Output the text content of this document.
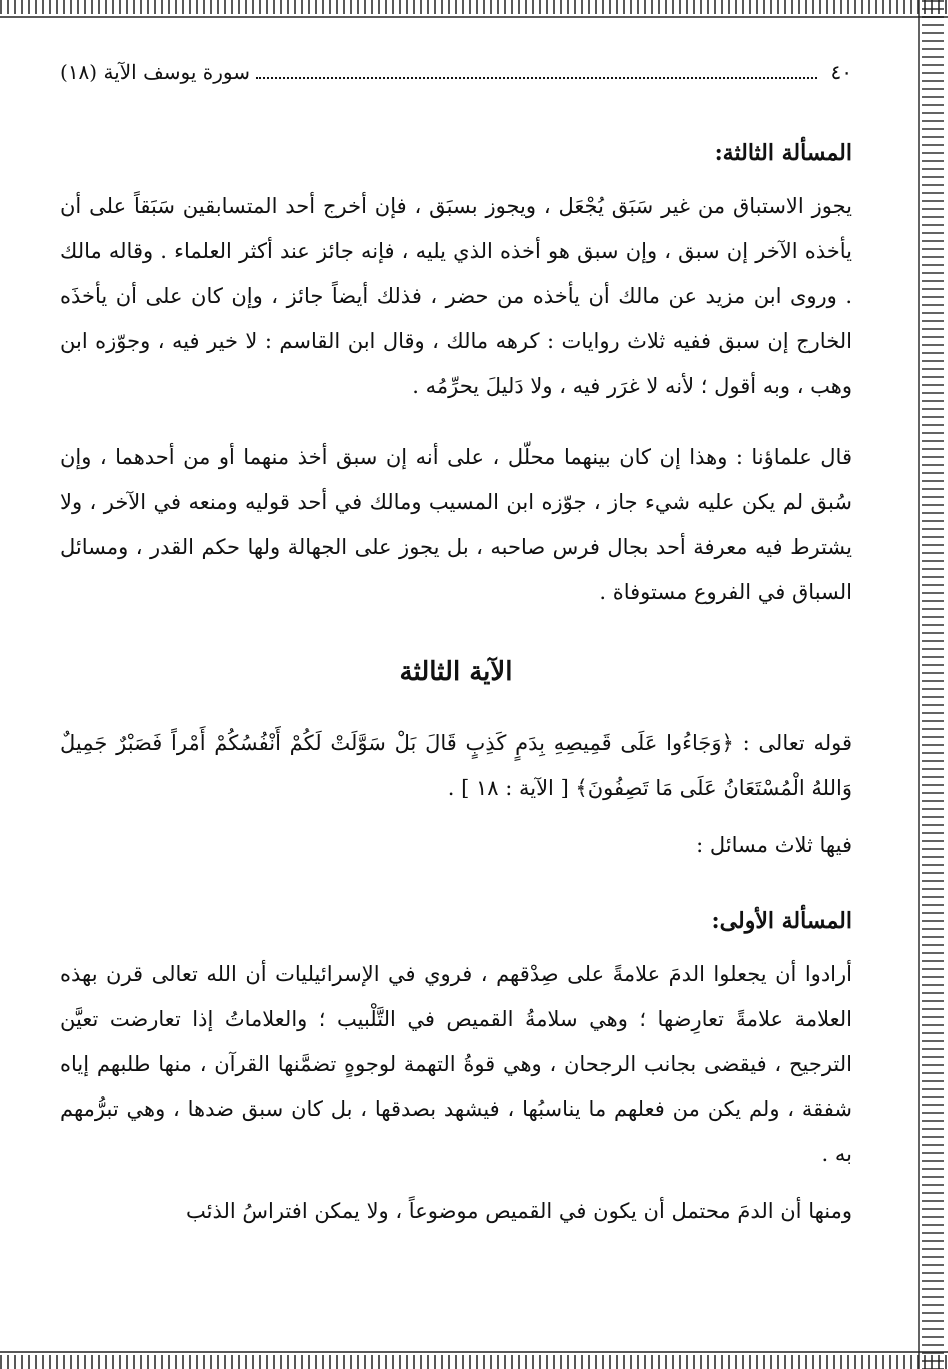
٤٠
سورة يوسف الآية (١٨)
المسألة الثالثة:

يجوز الاستباق من غير سَبَق يُجْعَل ، ويجوز بسبَق ، فإن أخرج أحد المتسابقين سَبَقاً على أن يأخذه الآخر إن سبق ، وإن سبق هو أخذه الذي يليه ، فإنه جائز عند أكثر العلماء . وقاله مالك . وروى ابن مزيد عن مالك أن يأخذه من حضر ، فذلك أيضاً جائز ، وإن كان على أن يأخذَه الخارج إن سبق ففيه ثلاث روايات : كرهه مالك ، وقال ابن القاسم : لا خير فيه ، وجوّزه ابن وهب ، وبه أقول ؛ لأنه لا غرَر فيه ، ولا دَليلَ يحرِّمُه .

قال علماؤنا : وهذا إن كان بينهما محلّل ، على أنه إن سبق أخذ منهما أو من أحدهما ، وإن سُبق لم يكن عليه شيء جاز ، جوّزه ابن المسيب ومالك في أحد قوليه ومنعه في الآخر ، ولا يشترط فيه معرفة أحد بجال فرس صاحبه ، بل يجوز على الجهالة ولها حكم القدر ، ومسائل السباق في الفروع مستوفاة .

الآية الثالثة

قوله تعالى : ﴿وَجَاءُوا عَلَى قَمِيصِهِ بِدَمٍ كَذِبٍ قَالَ بَلْ سَوَّلَتْ لَكُمْ أَنْفُسُكُمْ أَمْراً فَصَبْرٌ جَمِيلٌ وَاللهُ الْمُسْتَعَانُ عَلَى مَا تَصِفُونَ﴾ [ الآية : ١٨ ] .

فيها ثلاث مسائل :

المسألة الأولى:

أرادوا أن يجعلوا الدمَ علامةً على صِدْقهم ، فروي في الإسرائيليات أن الله تعالى قرن بهذه العلامة علامةً تعارِضها ؛ وهي سلامةُ القميص في التَّلْبيب ؛ والعلاماتُ إذا تعارضت تعيَّن الترجيح ، فيقضى بجانب الرجحان ، وهي قوةُ التهمة لوجوهٍ تضمَّنها القرآن ، منها طلبهم إياه شفقة ، ولم يكن من فعلهم ما يناسبُها ، فيشهد بصدقها ، بل كان سبق ضدها ، وهي تبرُّمهم به .

ومنها أن الدمَ محتمل أن يكون في القميص موضوعاً ، ولا يمكن افتراسُ الذئب
